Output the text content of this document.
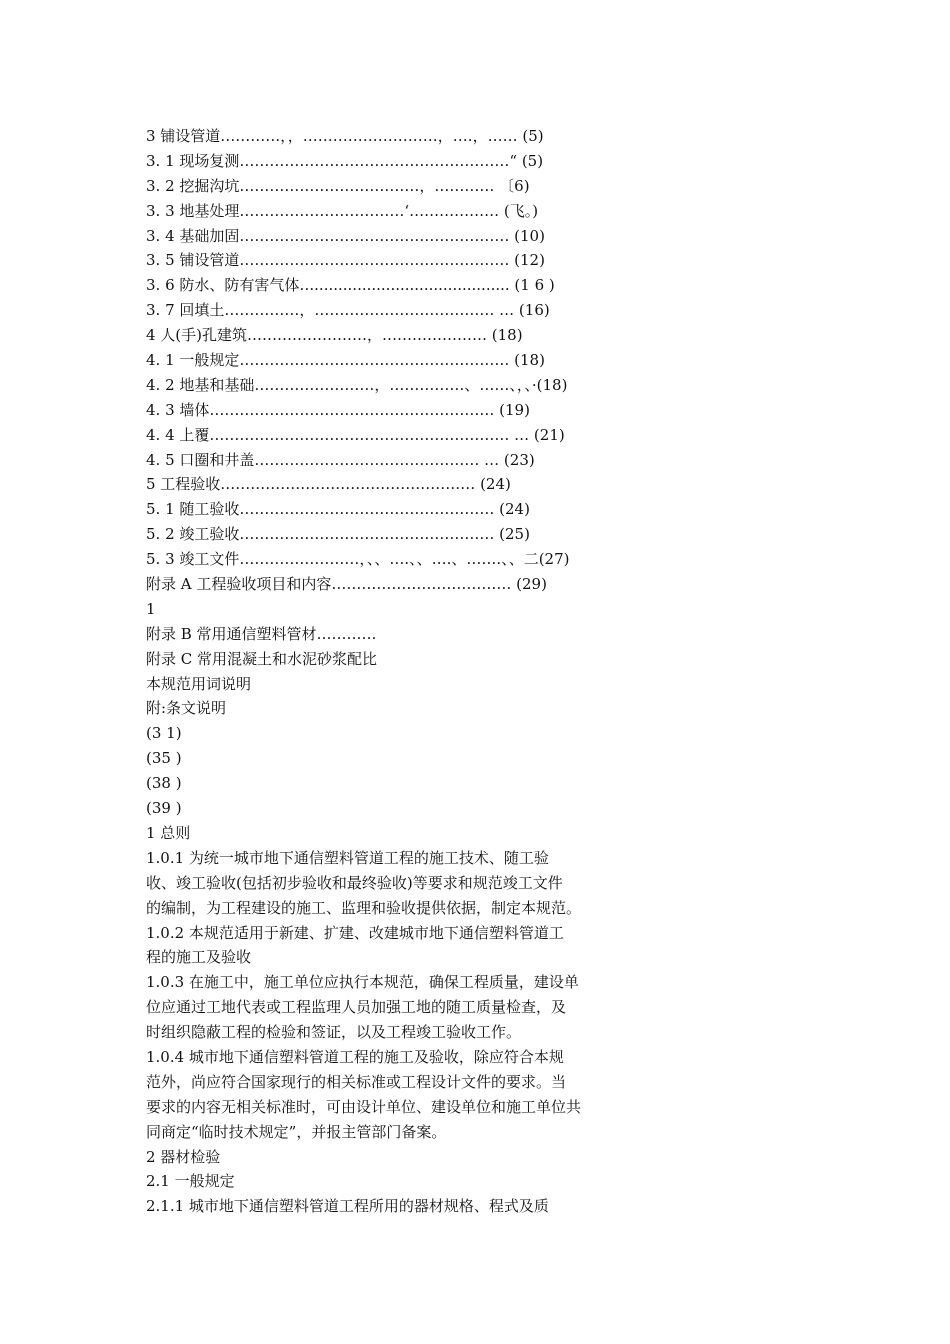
3 铺设管道…………，，………………………，….，…… (5)
3. 1 现场复测………………………………………………“ (5)
3. 2 挖掘沟坑………………………………，………… 〔6)
3. 3 地基处理……………………………‘……………… (飞。)
3. 4 基础加固……………………………………………… (10)
3. 5 铺设管道……………………………………………… (12)
3. 6 防水、防有害气体‥.......................................... (1 6 )
3. 7 回填土……………，……………………………… … (16)
4 人(手)孔建筑……………………，………………… (18)
4. 1 一般规定……………………………………………… (18)
4. 2 地基和基础……………………，……………、……、，、·(18)
4. 3 墙体………………………………………………… (19)
4. 4 上覆…………………………………………………… … (21)
4. 5 口圈和井盖……………………………………… … (23)
5 工程验收…………………………………………… (24)
5. 1 随工验收…………………………………………… (24)
5. 2 竣工验收…………………………………………… (25)
5. 3 竣工文件……………………，、、….、、….、…….、、二(27)
附录 A 工程验收项目和内容……………………………… (29)
1
附录 B 常用通信塑料管材…………
附录 C 常用混凝土和水泥砂浆配比
本规范用词说明
附:条文说明
(3 1)
(35 )
(38 )
(39 )
1 总则
1.0.1 为统一城市地下通信塑料管道工程的施工技术、随工验
收、竣工验收(包括初步验收和最终验收)等要求和规范竣工文件
的编制，为工程建设的施工、监理和验收提供依据，制定本规范。
1.0.2 本规范适用于新建、扩建、改建城市地下通信塑料管道工
程的施工及验收
1.0.3 在施工中，施工单位应执行本规范，确保工程质量，建设单
位应通过工地代表或工程监理人员加强工地的随工质量检查，及
时组织隐蔽工程的检验和签证，以及工程竣工验收工作。
1.0.4 城市地下通信塑料管道工程的施工及验收，除应符合本规
范外，尚应符合国家现行的相关标准或工程设计文件的要求。当
要求的内容无相关标准时，可由设计单位、建设单位和施工单位共
同商定“临时技术规定”，并报主管部门备案。
2 器材检验
2.1 一般规定
2.1.1 城市地下通信塑料管道工程所用的器材规格、程式及质
